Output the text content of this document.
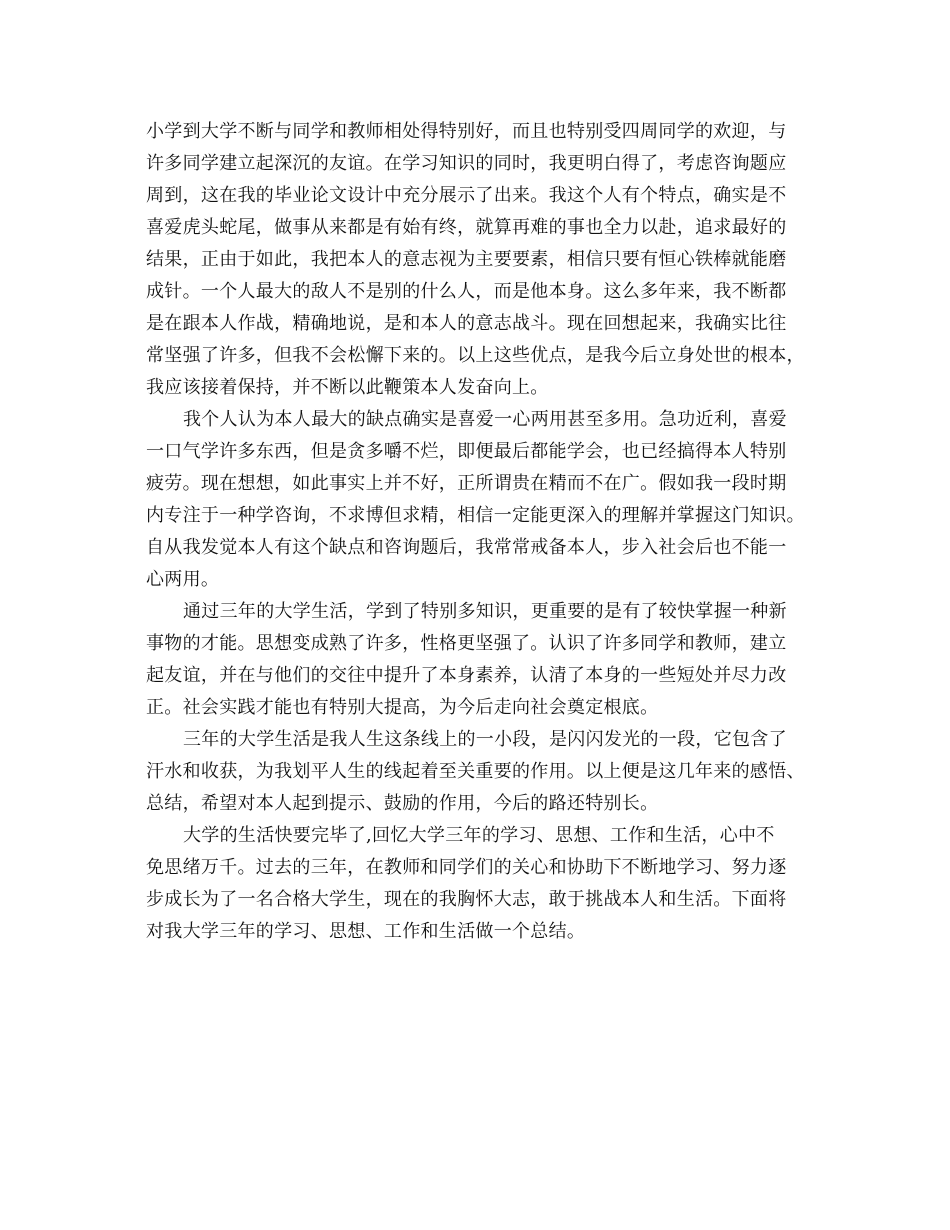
小学到大学不断与同学和教师相处得特别好，而且也特别受四周同学的欢迎，与
许多同学建立起深沉的友谊。在学习知识的同时，我更明白得了，考虑咨询题应
周到，这在我的毕业论文设计中充分展示了出来。我这个人有个特点，确实是不
喜爱虎头蛇尾，做事从来都是有始有终，就算再难的事也全力以赴，追求最好的
结果，正由于如此，我把本人的意志视为主要要素，相信只要有恒心铁棒就能磨
成针。一个人最大的敌人不是别的什么人，而是他本身。这么多年来，我不断都
是在跟本人作战，精确地说，是和本人的意志战斗。现在回想起来，我确实比往
常坚强了许多，但我不会松懈下来的。以上这些优点，是我今后立身处世的根本，
我应该接着保持，并不断以此鞭策本人发奋向上。
我个人认为本人最大的缺点确实是喜爱一心两用甚至多用。急功近利，喜爱
一口气学许多东西，但是贪多嚼不烂，即便最后都能学会，也已经搞得本人特别
疲劳。现在想想，如此事实上并不好，正所谓贵在精而不在广。假如我一段时期
内专注于一种学咨询，不求博但求精，相信一定能更深入的理解并掌握这门知识。
自从我发觉本人有这个缺点和咨询题后，我常常戒备本人，步入社会后也不能一
心两用。
通过三年的大学生活，学到了特别多知识，更重要的是有了较快掌握一种新
事物的才能。思想变成熟了许多，性格更坚强了。认识了许多同学和教师，建立
起友谊，并在与他们的交往中提升了本身素养，认清了本身的一些短处并尽力改
正。社会实践才能也有特别大提高，为今后走向社会奠定根底。
三年的大学生活是我人生这条线上的一小段，是闪闪发光的一段，它包含了
汗水和收获，为我划平人生的线起着至关重要的作用。以上便是这几年来的感悟、
总结，希望对本人起到提示、鼓励的作用，今后的路还特别长。
大学的生活快要完毕了,回忆大学三年的学习、思想、工作和生活，心中不
免思绪万千。过去的三年，在教师和同学们的关心和协助下不断地学习、努力逐
步成长为了一名合格大学生，现在的我胸怀大志，敢于挑战本人和生活。下面将
对我大学三年的学习、思想、工作和生活做一个总结。
